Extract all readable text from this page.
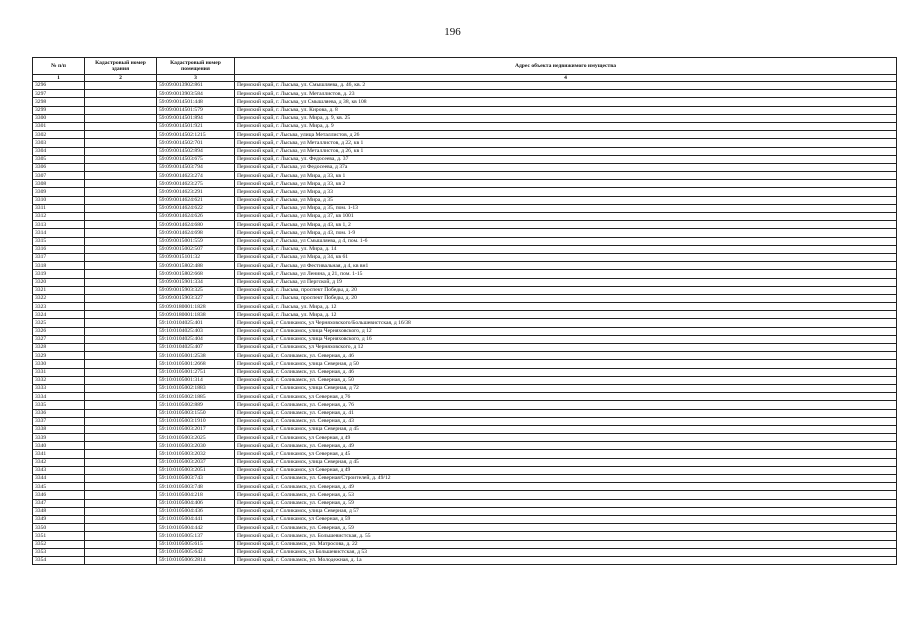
196
№ п/п	Кадастровый номер здания	Кадастровый номер помещения	Адрес объекта недвижимого имущества
1	2	3	4
3296		59:09:0013902:861	Пермский край, г. Лысьва, ул. Смышляева, д. 46, кв. 2
3297		59:09:0013903:584	Пермский край, г. Лысьва, ул. Металлистов, д. 23
3298		59:09:0014501:448	Пермский край, г. Лысьва, ул Смышляева, д 38, кв 108
3299		59:09:0014501:579	Пермский край, г. Лысьва, ул. Кирова, д. 8
3300		59:09:0014501:894	Пермский край, г. Лысьва, ул. Мира, д. 9, кв. 25
3301		59:09:0014501:921	Пермский край, г. Лысьва, ул. Мира, д. 9
3302		59:09:0014502:1215	Пермский край, г Лысьва, улица Металлистов, д 26
3303		59:09:0014502:701	Пермский край, г Лысьва, ул Металлистов, д 22, кв 1
3304		59:09:0014502:894	Пермский край, г Лысьва, ул Металлистов, д 26, кв 1
3305		59:09:0014503:675	Пермский край, г. Лысьва, ул. Федосеева, д. 37
3306		59:09:0014503:794	Пермский край, г Лысьва, ул Федосеева, д 37а
3307		59:09:0014623:274	Пермский край, г Лысьва, ул Мира, д 33, кв 1
3308		59:09:0014623:275	Пермский край, г Лысьва, ул Мира, д 33, кв 2
3309		59:09:0014623:291	Пермский край, г Лысьва, ул Мира, д 33
3310		59:09:0014624:621	Пермский край, г Лысьва, ул Мира, д 35
3311		59:09:0014624:622	Пермский край, г Лысьва, ул Мира, д 35, пом. 1-13
3312		59:09:0014624:626	Пермский край, г Лысьва, ул Мира, д 37, кв 1001
3313		59:09:0014624:680	Пермский край, г Лысьва, ул Мира, д 43, кв 1, 2
3314		59:09:0014624:698	Пермский край, г Лысьва, ул Мира, д 43, пом. 1-9
3315		59:09:0015001:559	Пермский край, г Лысьва, ул Смышляева, д 4, пом. 1-6
3316		59:09:0015002:507	Пермский край, г. Лысьва, ул. Мира, д. 14
3317		59:09:0015101:32	Пермский край, г Лысьва, ул Мира, д 34, кв 61
3318		59:09:0015802:488	Пермский край, г Лысьва, ул Фестивальная, д 4, кв вн1
3319		59:09:0015802:668	Пермский край, г Лысьва, ул Ленина, д 21, пом. 1-15
3320		59:09:0015901:334	Пермский край, г Лысьва, ул Пергской, д 19
3321		59:09:0015903:325	Пермский край, г. Лысьва, проспект Победы, д. 20
3322		59:09:0015903:327	Пермский край, г. Лысьва, проспект Победы, д. 20
3323		59:09:0180001:1828	Пермский край, г. Лысьва, ул. Мира, д. 12
3324		59:09:0180001:1838	Пермский край, г. Лысьва, ул. Мира, д. 12
3325		59:10:0104025:401	Пермский край, г Соликамск, ул Черняховского/Большевистская, д 16/38
3326		59:10:0104025:403	Пермский край, г Соликамск, улица Черняховского, д 12
3327		59:10:0104025:404	Пермский край, г Соликамск, улица Черняховского, д 16
3328		59:10:0104025:407	Пермский край, г Соликамск, ул Черняховского, д 12
3329		59:10:0105001:2538	Пермский край, г. Соликамск, ул. Северная, д. 46
3330		59:10:0105001:2668	Пермский край, г Соликамск, улица Северная, д 50
3331		59:10:0105001:2751	Пермский край, г. Соликамск, ул. Северная, д. 46
3332		59:10:0105001:314	Пермский край, г. Соликамск, ул. Северная, д. 50
3333		59:10:0105002:1883	Пермский край, г Соликамск, улица Северная, д 72
3334		59:10:0105002:1885	Пермский край, г Соликамск, ул Северная, д 76
3335		59:10:0105002:889	Пермский край, г. Соликамск, ул. Северная, д. 76
3336		59:10:0105003:1550	Пермский край, г. Соликамск, ул. Северная, д. 41
3337		59:10:0105003:1910	Пермский край, г. Соликамск, ул. Северная, д. 43
3338		59:10:0105003:2017	Пермский край, г Соликамск, улица Северная, д 45
3339		59:10:0105003:2025	Пермский край, г Соликамск, ул Северная, д 49
3340		59:10:0105003:2030	Пермский край, г. Соликамск, ул. Северная, д. 49
3341		59:10:0105003:2032	Пермский край, г Соликамск, ул Северная, д 45
3342		59:10:0105003:2037	Пермский край, г Соликамск, улица Северная, д 45
3343		59:10:0105003:2051	Пермский край, г Соликамск, ул Северная, д 49
3344		59:10:0105003:743	Пермский край, г. Соликамск, ул. Северная/Строителей, д. 49/12
3345		59:10:0105003:748	Пермский край, г. Соликамск, ул. Северная, д. 49
3346		59:10:0105004:218	Пермский край, г. Соликамск, ул. Северная, д. 53
3347		59:10:0105004:406	Пермский край, г. Соликамск, ул. Северная, д. 59
3348		59:10:0105004:436	Пермский край, г Соликамск, улица Северная, д 57
3349		59:10:0105004:441	Пермский край, г Соликамск, ул Северная, д 59
3350		59:10:0105004:442	Пермский край, г. Соликамск, ул. Северная, д. 59
3351		59:10:0105005:137	Пермский край, г. Соликамск, ул. Большевистская, д. 55
3352		59:10:0105005:615	Пермский край, г. Соликамск, ул. Матросова, д. 22
3353		59:10:0105005:642	Пермский край, г Соликамск, ул Большевистская, д 53
3354		59:10:0105006:2814	Пермский край, г. Соликамск, ул. Молодежная, д. 1а
